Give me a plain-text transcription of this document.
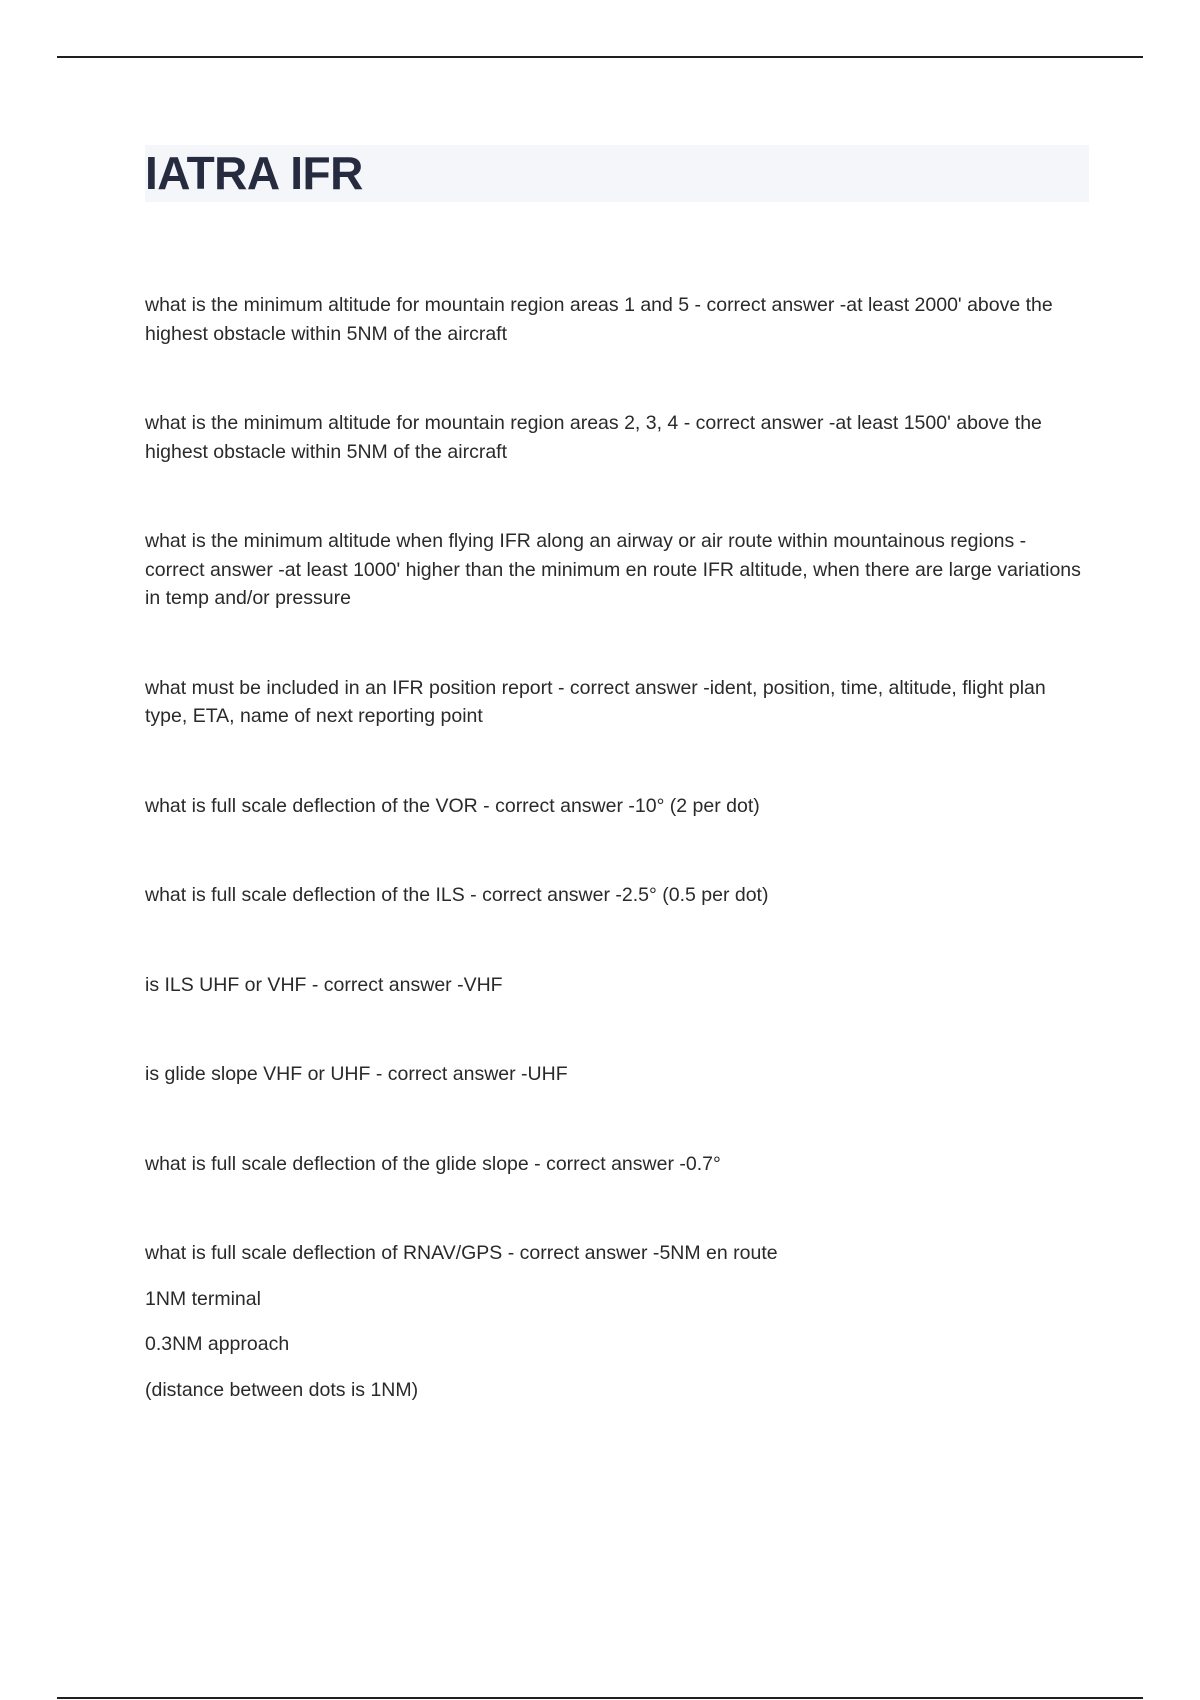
IATRA IFR

what is the minimum altitude for mountain region areas 1 and 5 - correct answer - at least 2000' above the highest obstacle within 5NM of the aircraft

what is the minimum altitude for mountain region areas 2, 3, 4 - correct answer - at least 1500' above the highest obstacle within 5NM of the aircraft

what is the minimum altitude when flying IFR along an airway or air route within mountainous regions - correct answer - at least 1000' higher than the minimum en route IFR altitude, when there are large variations in temp and/or pressure

what must be included in an IFR position report - correct answer - ident, position, time, altitude, flight plan type, ETA, name of next reporting point

what is full scale deflection of the VOR - correct answer - 10° (2 per dot)

what is full scale deflection of the ILS - correct answer - 2.5° (0.5 per dot)

is ILS UHF or VHF - correct answer - VHF

is glide slope VHF or UHF - correct answer - UHF

what is full scale deflection of the glide slope - correct answer - 0.7°

what is full scale deflection of RNAV/GPS - correct answer - 5NM en route

1NM terminal

0.3NM approach

(distance between dots is 1NM)
